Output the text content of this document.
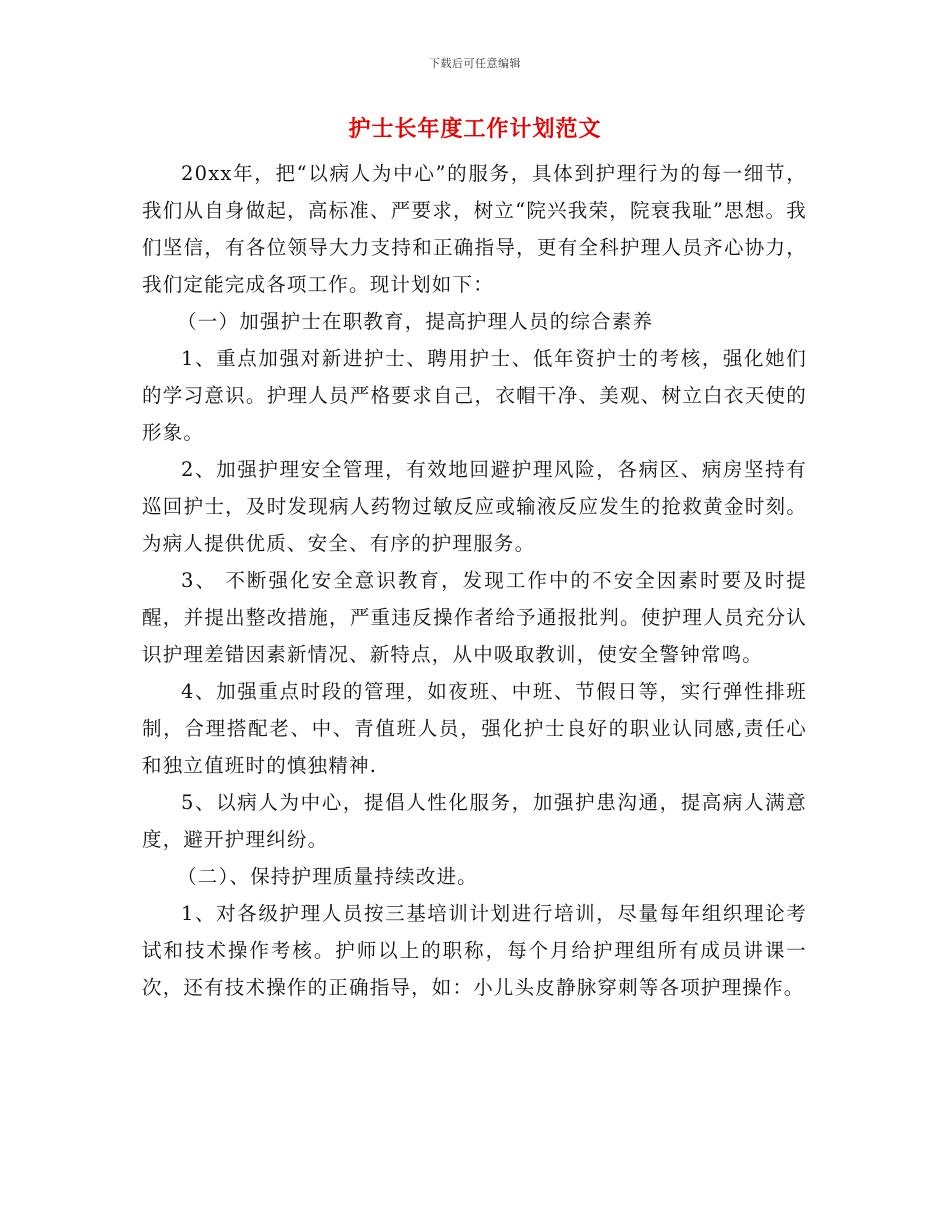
下载后可任意编辑
护士长年度工作计划范文

20xx年，把“以病人为中心”的服务，具体到护理行为的每一细节，我们从自身做起，高标准、严要求，树立“院兴我荣，院衰我耻”思想。我们坚信，有各位领导大力支持和正确指导，更有全科护理人员齐心协力，我们定能完成各项工作。现计划如下：

（一）加强护士在职教育，提高护理人员的综合素养

1、重点加强对新进护士、聘用护士、低年资护士的考核，强化她们的学习意识。护理人员严格要求自己，衣帽干净、美观、树立白衣天使的形象。

2、加强护理安全管理，有效地回避护理风险，各病区、病房坚持有巡回护士，及时发现病人药物过敏反应或输液反应发生的抢救黄金时刻。为病人提供优质、安全、有序的护理服务。

3、 不断强化安全意识教育，发现工作中的不安全因素时要及时提醒，并提出整改措施，严重违反操作者给予通报批判。使护理人员充分认识护理差错因素新情况、新特点，从中吸取教训，使安全警钟常鸣。

4、加强重点时段的管理，如夜班、中班、节假日等，实行弹性排班制，合理搭配老、中、青值班人员，强化护士良好的职业认同感,责任心和独立值班时的慎独精神.

5、以病人为中心，提倡人性化服务，加强护患沟通，提高病人满意度，避开护理纠纷。

（二）、保持护理质量持续改进。

1、对各级护理人员按三基培训计划进行培训，尽量每年组织理论考试和技术操作考核。护师以上的职称，每个月给护理组所有成员讲课一次，还有技术操作的正确指导，如：小儿头皮静脉穿刺等各项护理操作。
